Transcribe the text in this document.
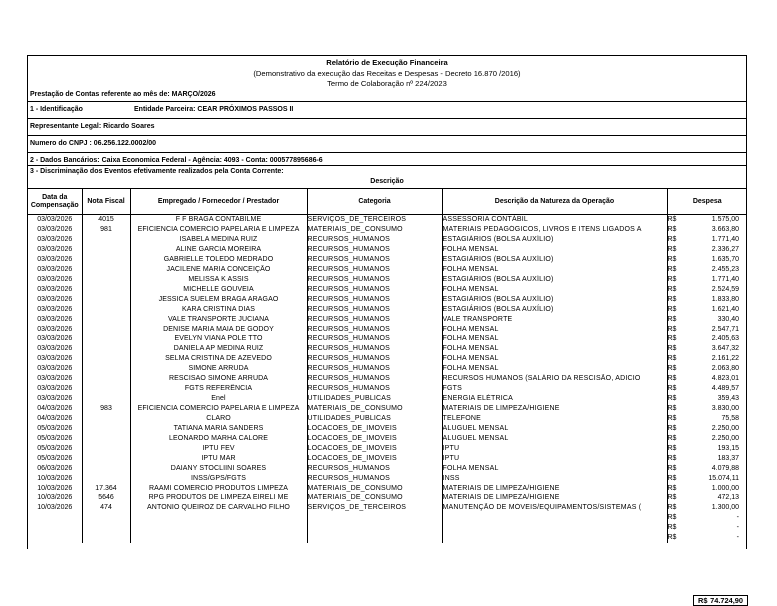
Relatório de Execução Financeira
(Demonstrativo da execução das Receitas e Despesas - Decreto 16.870 /2016)
Termo de Colaboração nº 224/2023
Prestação de Contas referente ao mês de: MARÇO/2026
1 - Identificação	Entidade Parceira: CEAR PRÓXIMOS PASSOS II
Representante Legal: Ricardo Soares
Numero do CNPJ : 06.256.122.0002/00
2 - Dados Bancários: Caixa Economica Federal - Agência: 4093 - Conta: 000577895686-6
3 - Discriminação dos Eventos efetivamente realizados pela Conta Corrente:
Descrição
Data da Compensação	Nota Fiscal	Empregado / Fornecedor / Prestador	Categoria	Descrição da Natureza da Operação	Despesa
03/03/2026	4015	F F BRAGA CONTABILME	SERVIÇOS_DE_TERCEIROS	ASSESSORIA CONTÁBIL	R$ 1.575,00

03/03/2026	981	EFICIENCIA COMERCIO PAPELARIA E LIMPEZA	MATERIAIS_DE_CONSUMO	MATERIAIS PEDAGÓGICOS, LIVROS E ITENS LIGADOS A	R$ 3.663,80

03/03/2026		ISABELA MEDINA RUIZ	RECURSOS_HUMANOS	ESTAGIÁRIOS (BOLSA AUXÍLIO)	R$ 1.771,40

03/03/2026		ALINE GARCIA MOREIRA	RECURSOS_HUMANOS	FOLHA MENSAL	R$ 2.336,27

03/03/2026		GABRIELLE TOLEDO MEDRADO	RECURSOS_HUMANOS	ESTAGIÁRIOS (BOLSA AUXÍLIO)	R$ 1.635,70

03/03/2026		JACILENE MARIA CONCEIÇÃO	RECURSOS_HUMANOS	FOLHA MENSAL	R$ 2.455,23

03/03/2026		MELISSA K ASSIS	RECURSOS_HUMANOS	ESTAGIÁRIOS (BOLSA AUXÍLIO)	R$ 1.771,40

03/03/2026		MICHELLE GOUVEIA	RECURSOS_HUMANOS	FOLHA MENSAL	R$ 2.524,59

03/03/2026		JESSICA SUELEM BRAGA ARAGAO	RECURSOS_HUMANOS	ESTAGIÁRIOS (BOLSA AUXÍLIO)	R$ 1.833,80

03/03/2026		KARA CRISTINA DIAS	RECURSOS_HUMANOS	ESTAGIÁRIOS (BOLSA AUXÍLIO)	R$ 1.621,40

03/03/2026		VALE TRANSPORTE JUCIANA	RECURSOS_HUMANOS	VALE TRANSPORTE	R$ 330,40

03/03/2026		DENISE MARIA MAIA DE GODOY	RECURSOS_HUMANOS	FOLHA MENSAL	R$ 2.547,71

03/03/2026		EVELYN VIANA POLE TTO	RECURSOS_HUMANOS	FOLHA MENSAL	R$ 2.405,63

03/03/2026		DANIELA AP MEDINA RUIZ	RECURSOS_HUMANOS	FOLHA MENSAL	R$ 3.647,32

03/03/2026		SELMA CRISTINA DE AZEVEDO	RECURSOS_HUMANOS	FOLHA MENSAL	R$ 2.161,22

03/03/2026		SIMONE ARRUDA	RECURSOS_HUMANOS	FOLHA MENSAL	R$ 2.063,80

03/03/2026		RESCISAO SIMONE ARRUDA	RECURSOS_HUMANOS	RECURSOS HUMANOS (SALÁRIO DA RESCISÃO, ADICIO	R$ 4.823,01

03/03/2026		FGTS REFERÊNCIA	RECURSOS_HUMANOS	FGTS	R$ 4.489,57

03/03/2026		Enel	UTILIDADES_PUBLICAS	ENERGIA ELÉTRICA	R$ 359,43

04/03/2026	983	EFICIENCIA COMERCIO PAPELARIA E LIMPEZA	MATERIAIS_DE_CONSUMO	MATERIAIS DE LIMPEZA/HIGIENE	R$ 3.830,00

04/03/2026		CLARO	UTILIDADES_PUBLICAS	TELEFONE	R$ 75,58

05/03/2026		TATIANA MARIA SANDERS	LOCACOES_DE_IMOVEIS	ALUGUEL MENSAL	R$ 2.250,00

05/03/2026		LEONARDO MARHA CALORE	LOCACOES_DE_IMOVEIS	ALUGUEL MENSAL	R$ 2.250,00

05/03/2026		IPTU FEV	LOCACOES_DE_IMOVEIS	IPTU	R$ 193,15

05/03/2026		IPTU MAR	LOCACOES_DE_IMOVEIS	IPTU	R$ 183,37

06/03/2026		DAIANY STOCLIINI SOARES	RECURSOS_HUMANOS	FOLHA MENSAL	R$ 4.079,88

10/03/2026		INSS/GPS/FGTS	RECURSOS_HUMANOS	INSS	R$ 15.074,11

10/03/2026	17.364	RAAMI COMERCIO PRODUTOS LIMPEZA	MATERIAIS_DE_CONSUMO	MATERIAIS DE LIMPEZA/HIGIENE	R$ 1.000,00

10/03/2026	5646	RPG PRODUTOS DE LIMPEZA EIRELI ME	MATERIAIS_DE_CONSUMO	MATERIAIS DE LIMPEZA/HIGIENE	R$ 472,13

10/03/2026	474	ANTONIO QUEIROZ DE CARVALHO FILHO	SERVIÇOS_DE_TERCEIROS	MANUTENÇÃO DE MÓVEIS/EQUIPAMENTOS/SISTEMAS (	R$ 1.300,00

					R$ -

					R$ -

					R$ -
R$ 74.724,90
